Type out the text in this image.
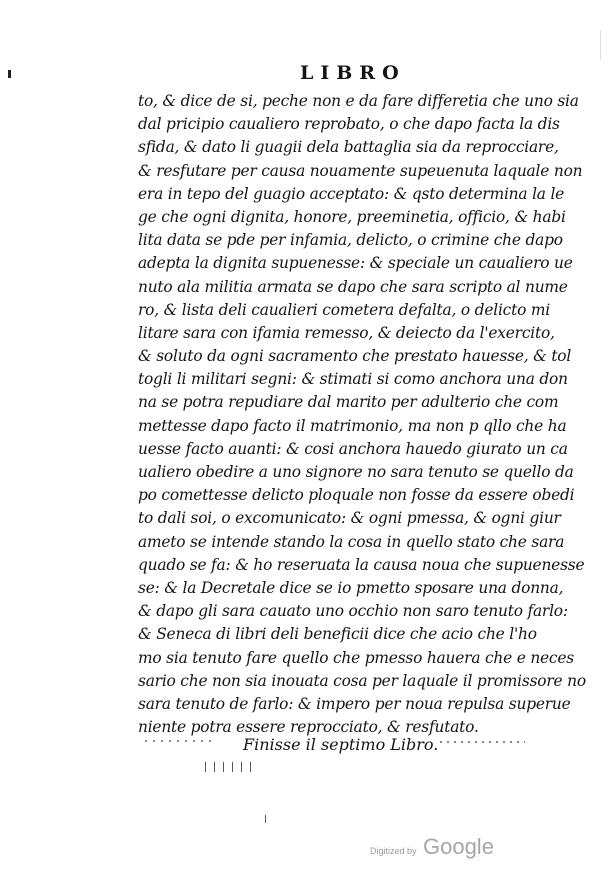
LIBRO
to, & dice de si, peche non e da fare differetia che uno sia
dal pricipio caualiero reprobato, o che dapo facta la dis
sfida, & dato li guagii dela battaglia sia da reprocciare,
& resfutare per causa nouamente supeuenuta laquale non
era in tepo del guagio acceptato: & qsto determina la le
ge che ogni dignita, honore, preeminetia, officio, & habi
lita data se pde per infamia, delicto, o crimine che dapo
adepta la dignita supuenesse: & speciale un caualiero ue
nuto ala militia armata se dapo che sara scripto al nume
ro, & lista deli caualieri cometera defalta, o delicto mi
litare sara con ifamia remesso, & deiecto da l'exercito,
& soluto da ogni sacramento che prestato hauesse, & tol
togli li militari segni: & stimati si como anchora una don
na se potra repudiare dal marito per adulterio che com
mettesse dapo facto il matrimonio, ma non p qllo che ha
uesse facto auanti: & cosi anchora hauedo giurato un ca
ualiero obedire a uno signore no sara tenuto se quello da
po comettesse delicto ploquale non fosse da essere obedi
to dali soi, o excomunicato: & ogni pmessa, & ogni giur
ameto se intende stando la cosa in quello stato che sara
quado se fa: & ho reseruata la causa noua che supuenesse
se: & la Decretale dice se io pmetto sposare una donna,
& dapo gli sara cauato uno occhio non saro tenuto farlo:
& Seneca di libri deli beneficii dice che acio che l'ho
mo sia tenuto fare quello che pmesso hauera che e neces
sario che non sia inouata cosa per laquale il promissore no
sara tenuto de farlo: & impero per noua repulsa superue
niente potra essere reprocciato, & resfutato.
Finisse il septimo Libro.
Digitized by Google
